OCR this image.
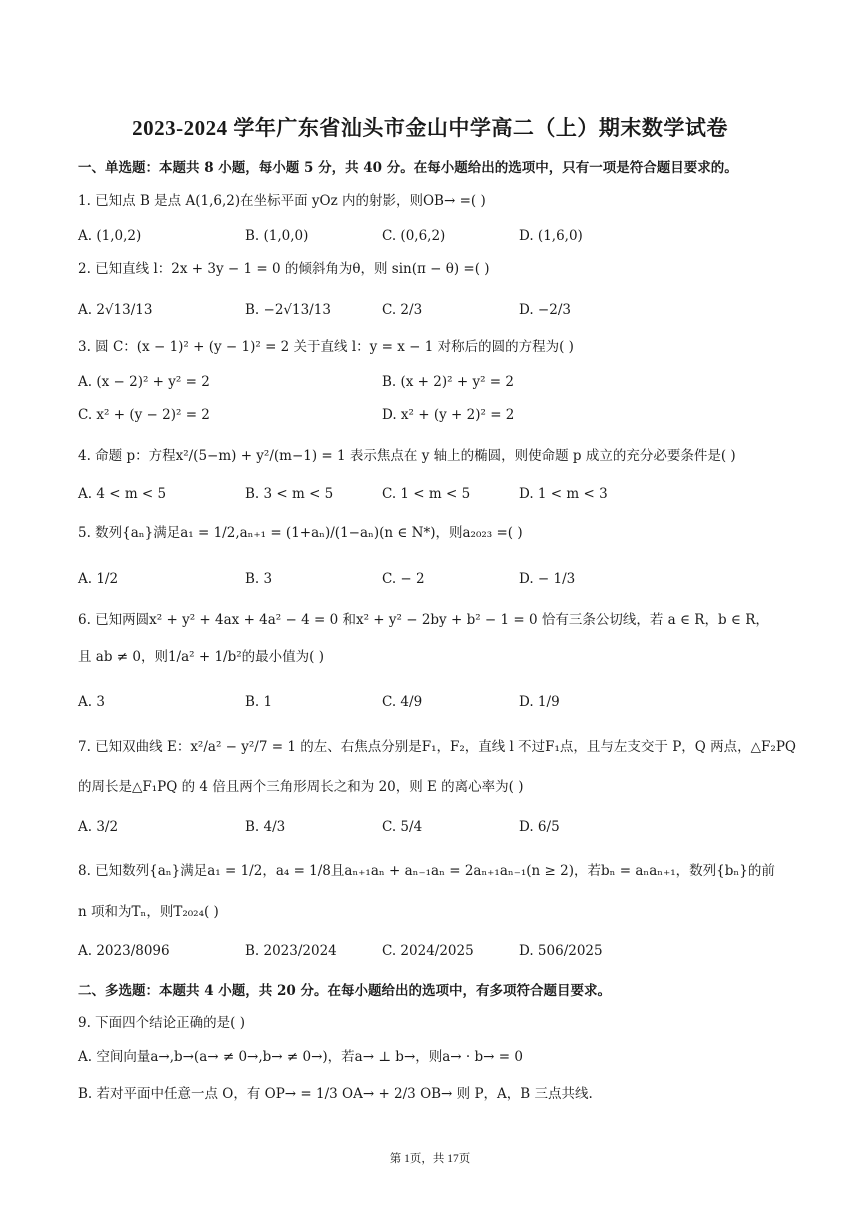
2023-2024 学年广东省汕头市金山中学高二（上）期末数学试卷
一、单选题：本题共 8 小题，每小题 5 分，共 40 分。在每小题给出的选项中，只有一项是符合题目要求的。
1. 已知点 B 是点 A(1,6,2)在坐标平面 yOz 内的射影，则OB→ =( )
A. (1,0,2)	B. (1,0,0)	C. (0,6,2)	D. (1,6,0)
2. 已知直线 l：2x + 3y − 1 = 0 的倾斜角为θ，则 sin(π − θ) =( )
A. 2√13/13	B. −2√13/13	C. 2/3	D. −2/3
3. 圆 C：(x − 1)² + (y − 1)² = 2 关于直线 l：y = x − 1 对称后的圆的方程为( )
A. (x − 2)² + y² = 2	B. (x + 2)² + y² = 2
C. x² + (y − 2)² = 2	D. x² + (y + 2)² = 2
4. 命题 p：方程x²/(5−m) + y²/(m−1) = 1 表示焦点在 y 轴上的椭圆，则使命题 p 成立的充分必要条件是( )
A. 4 < m < 5	B. 3 < m < 5	C. 1 < m < 5	D. 1 < m < 3
5. 数列{aₙ}满足a₁ = 1/2,aₙ₊₁ = (1+aₙ)/(1−aₙ)(n ∈ N*)，则a₂₀₂₃ =( )
A. 1/2	B. 3	C. − 2	D. − 1/3
6. 已知两圆x² + y² + 4ax + 4a² − 4 = 0 和x² + y² − 2by + b² − 1 = 0 恰有三条公切线，若 a ∈ R，b ∈ R，
且 ab ≠ 0，则1/a² + 1/b²的最小值为( )
A. 3	B. 1	C. 4/9	D. 1/9
7. 已知双曲线 E：x²/a² − y²/7 = 1 的左、右焦点分别是F₁，F₂，直线 l 不过F₁点，且与左支交于 P，Q 两点，△F₂PQ
的周长是△F₁PQ 的 4 倍且两个三角形周长之和为 20，则 E 的离心率为( )
A. 3/2	B. 4/3	C. 5/4	D. 6/5
8. 已知数列{aₙ}满足a₁ = 1/2，a₄ = 1/8且aₙ₊₁aₙ + aₙ₋₁aₙ = 2aₙ₊₁aₙ₋₁(n ≥ 2)，若bₙ = aₙaₙ₊₁，数列{bₙ}的前
n 项和为Tₙ，则T₂₀₂₄( )
A. 2023/8096	B. 2023/2024	C. 2024/2025	D. 506/2025
二、多选题：本题共 4 小题，共 20 分。在每小题给出的选项中，有多项符合题目要求。
9. 下面四个结论正确的是( )
A. 空间向量a→,b→(a→ ≠ 0→,b→ ≠ 0→)，若a→ ⊥ b→，则a→ · b→ = 0
B. 若对平面中任意一点 O，有 OP→ = 1/3 OA→ + 2/3 OB→ 则 P，A，B 三点共线.
第 1页，共 17页
